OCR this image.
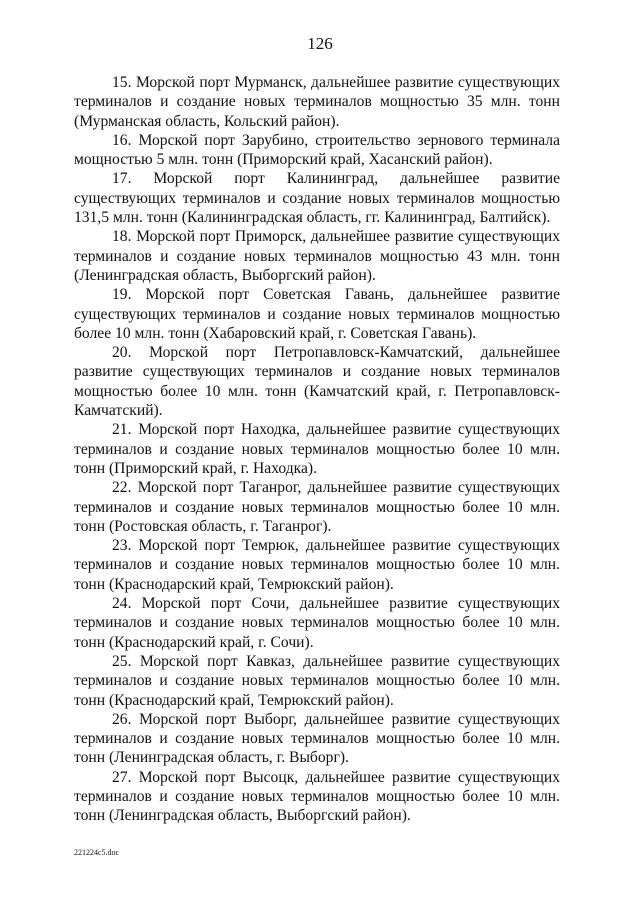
126

15. Морской порт Мурманск, дальнейшее развитие существующих терминалов и создание новых терминалов мощностью 35 млн. тонн (Мурманская область, Кольский район).

16. Морской порт Зарубино, строительство зернового терминала мощностью 5 млн. тонн (Приморский край, Хасанский район).

17. Морской порт Калининград, дальнейшее развитие существующих терминалов и создание новых терминалов мощностью 131,5 млн. тонн (Калининградская область, гг. Калининград, Балтийск).

18. Морской порт Приморск, дальнейшее развитие существующих терминалов и создание новых терминалов мощностью 43 млн. тонн (Ленинградская область, Выборгский район).

19. Морской порт Советская Гавань, дальнейшее развитие существующих терминалов и создание новых терминалов мощностью более 10 млн. тонн (Хабаровский край, г. Советская Гавань).

20. Морской порт Петропавловск-Камчатский, дальнейшее развитие существующих терминалов и создание новых терминалов мощностью более 10 млн. тонн (Камчатский край, г. Петропавловск-Камчатский).

21. Морской порт Находка, дальнейшее развитие существующих терминалов и создание новых терминалов мощностью более 10 млн. тонн (Приморский край, г. Находка).

22. Морской порт Таганрог, дальнейшее развитие существующих терминалов и создание новых терминалов мощностью более 10 млн. тонн (Ростовская область, г. Таганрог).

23. Морской порт Темрюк, дальнейшее развитие существующих терминалов и создание новых терминалов мощностью более 10 млн. тонн (Краснодарский край, Темрюкский район).

24. Морской порт Сочи, дальнейшее развитие существующих терминалов и создание новых терминалов мощностью более 10 млн. тонн (Краснодарский край, г. Сочи).

25. Морской порт Кавказ, дальнейшее развитие существующих терминалов и создание новых терминалов мощностью более 10 млн. тонн (Краснодарский край, Темрюкский район).

26. Морской порт Выборг, дальнейшее развитие существующих терминалов и создание новых терминалов мощностью более 10 млн. тонн (Ленинградская область, г. Выборг).

27. Морской порт Высоцк, дальнейшее развитие существующих терминалов и создание новых терминалов мощностью более 10 млн. тонн (Ленинградская область, Выборгский район).

221224c5.doc
